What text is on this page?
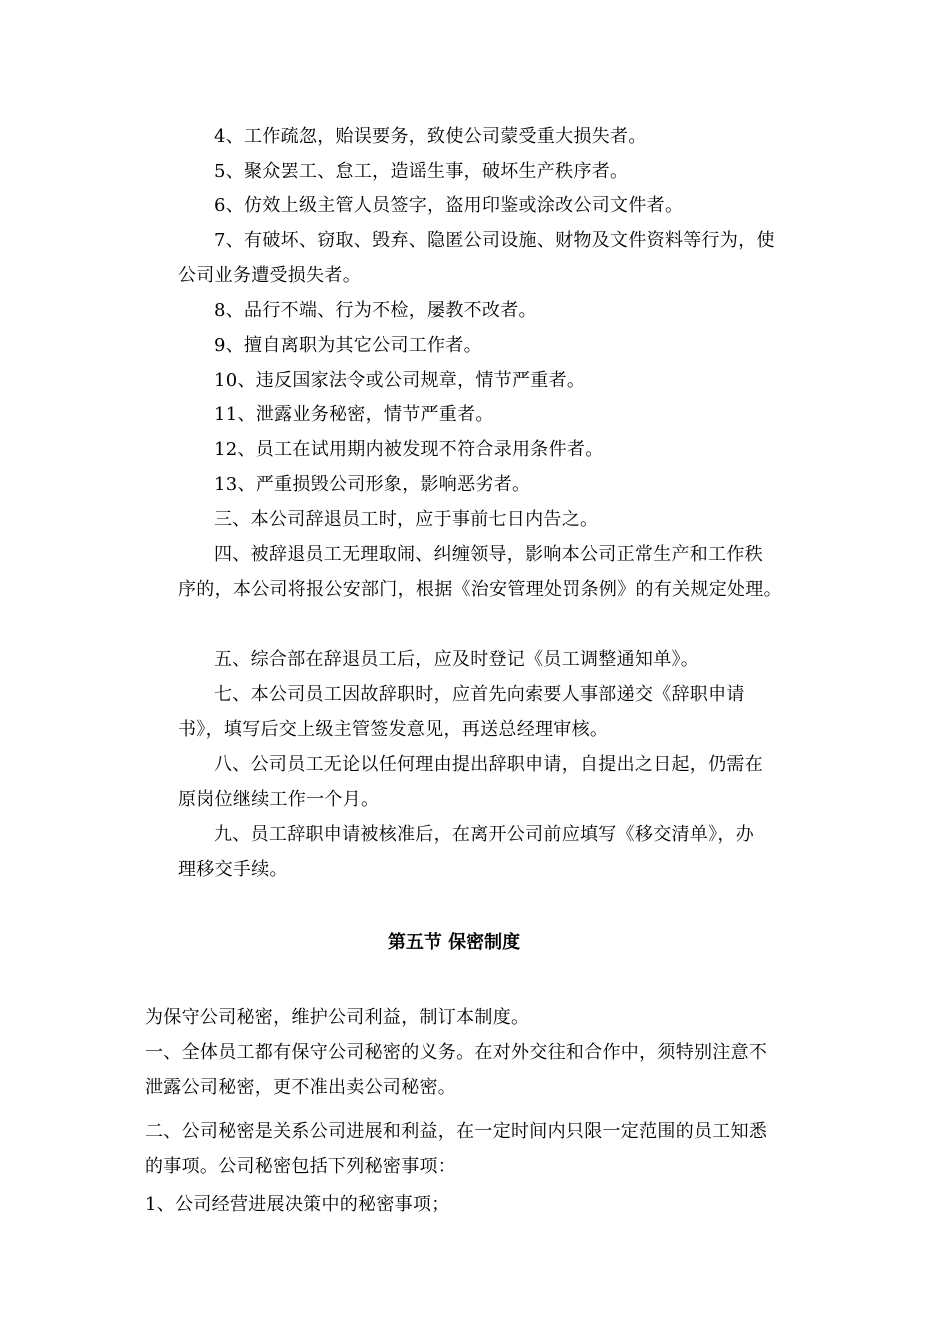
4、工作疏忽，贻误要务，致使公司蒙受重大损失者。
5、聚众罢工、怠工，造谣生事，破坏生产秩序者。
6、仿效上级主管人员签字，盗用印鉴或涂改公司文件者。
7、有破坏、窃取、毁弃、隐匿公司设施、财物及文件资料等行为，使
公司业务遭受损失者。
8、品行不端、行为不检，屡教不改者。
9、擅自离职为其它公司工作者。
10、违反国家法令或公司规章，情节严重者。
11、泄露业务秘密，情节严重者。
12、员工在试用期内被发现不符合录用条件者。
13、严重损毁公司形象，影响恶劣者。
三、本公司辞退员工时，应于事前七日内告之。
四、被辞退员工无理取闹、纠缠领导，影响本公司正常生产和工作秩
序的，本公司将报公安部门，根据《治安管理处罚条例》的有关规定处理。
五、综合部在辞退员工后，应及时登记《员工调整通知单》。
七、本公司员工因故辞职时，应首先向索要人事部递交《辞职申请
书》，填写后交上级主管签发意见，再送总经理审核。
八、公司员工无论以任何理由提出辞职申请，自提出之日起，仍需在
原岗位继续工作一个月。
九、员工辞职申请被核准后，在离开公司前应填写《移交清单》，办
理移交手续。
第五节 保密制度
为保守公司秘密，维护公司利益，制订本制度。
一、全体员工都有保守公司秘密的义务。在对外交往和合作中，须特别注意不
泄露公司秘密，更不准出卖公司秘密。
二、公司秘密是关系公司进展和利益，在一定时间内只限一定范围的员工知悉
的事项。公司秘密包括下列秘密事项：
1、公司经营进展决策中的秘密事项；
